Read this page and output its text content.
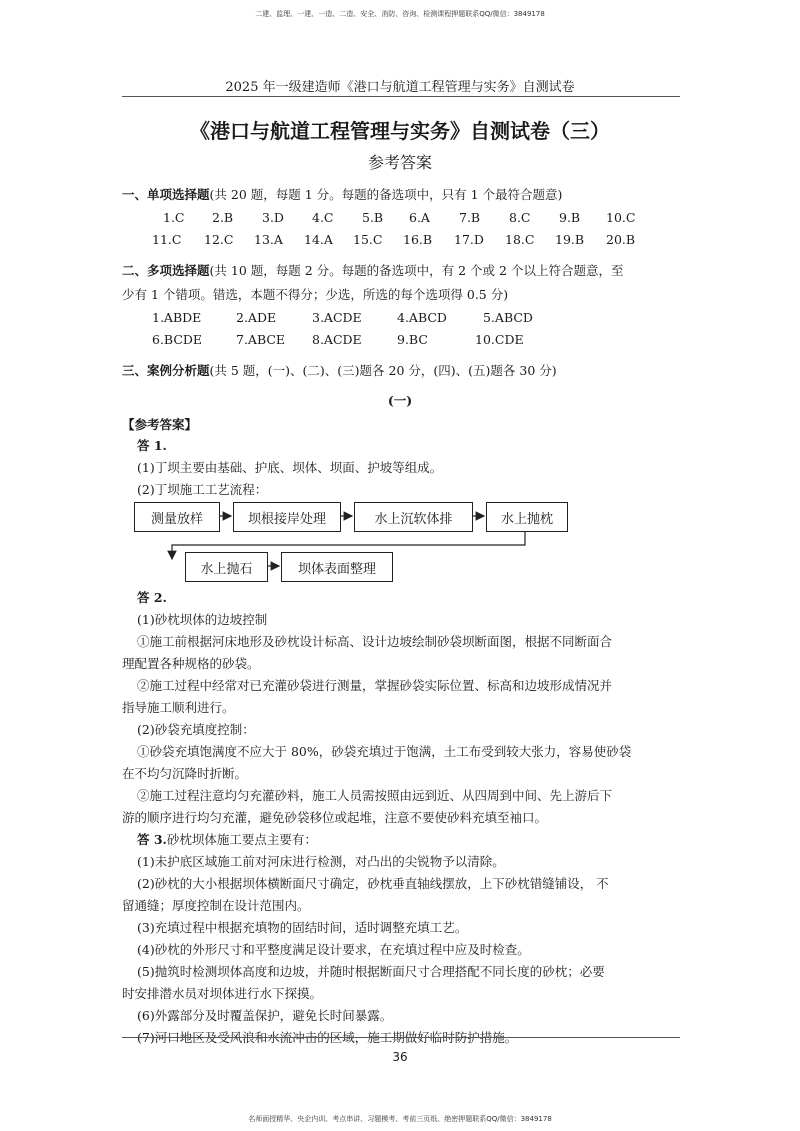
二建、监理、一建、一造、二造、安全、消防、咨询、检测课程押题联系QQ/微信：3849178
2025 年一级建造师《港口与航道工程管理与实务》自测试卷
《港口与航道工程管理与实务》自测试卷（三）
参考答案
一、单项选择题(共 20 题，每题 1 分。每题的备选项中，只有 1 个最符合题意)
1.C 2.B 3.D 4.C 5.B 6.A 7.B 8.C 9.B 10.C
11.C 12.C 13.A 14.A 15.C 16.B 17.D 18.C 19.B 20.B
二、多项选择题(共 10 题，每题 2 分。每题的备选项中，有 2 个或 2 个以上符合题意，至
少有 1 个错项。错选，本题不得分；少选，所选的每个选项得 0.5 分)
1.ABDE	2.ADE	3.ACDE	4.ABCD	5.ABCD
6.BCDE	7.ABCE 8.ACDE	9.BC	10.CDE
三、案例分析题(共 5 题，(一)、(二)、(三)题各 20 分，(四)、(五)题各 30 分)
(一)
【参考答案】
答 1.
(1)丁坝主要由基础、护底、坝体、坝面、护坡等组成。
(2)丁坝施工工艺流程：
测量放样	坝根接岸处理	水上沉软体排	水上抛枕
水上抛石	坝体表面整理
答 2.
(1)砂枕坝体的边坡控制
①施工前根据河床地形及砂枕设计标高、设计边坡绘制砂袋坝断面图，根据不同断面合
理配置各种规格的砂袋。
②施工过程中经常对已充灌砂袋进行测量，掌握砂袋实际位置、标高和边坡形成情况并
指导施工顺利进行。
(2)砂袋充填度控制：
①砂袋充填饱满度不应大于 80%，砂袋充填过于饱满，土工布受到较大张力，容易使砂袋
在不均匀沉降时折断。
②施工过程注意均匀充灌砂料，施工人员需按照由远到近、从四周到中间、先上游后下
游的顺序进行均匀充灌，避免砂袋移位或起堆，注意不要使砂料充填至袖口。
答 3.砂枕坝体施工要点主要有：
(1)未护底区域施工前对河床进行检测，对凸出的尖锐物予以清除。
(2)砂枕的大小根据坝体横断面尺寸确定，砂枕垂直轴线摆放，上下砂枕错缝铺设， 不
留通缝；厚度控制在设计范围内。
(3)充填过程中根据充填物的固结时间，适时调整充填工艺。
(4)砂枕的外形尺寸和平整度满足设计要求，在充填过程中应及时检查。
(5)抛筑时检测坝体高度和边坡，并随时根据断面尺寸合理搭配不同长度的砂枕；必要
时安排潜水员对坝体进行水下探摸。
(6)外露部分及时覆盖保护，避免长时间暴露。
(7)河口地区及受风浪和水流冲击的区域，施工期做好临时防护措施。
36
名师面授精华、央企内训、考点串讲、习题模考、考前三页纸、绝密押题联系QQ/微信：3849178
